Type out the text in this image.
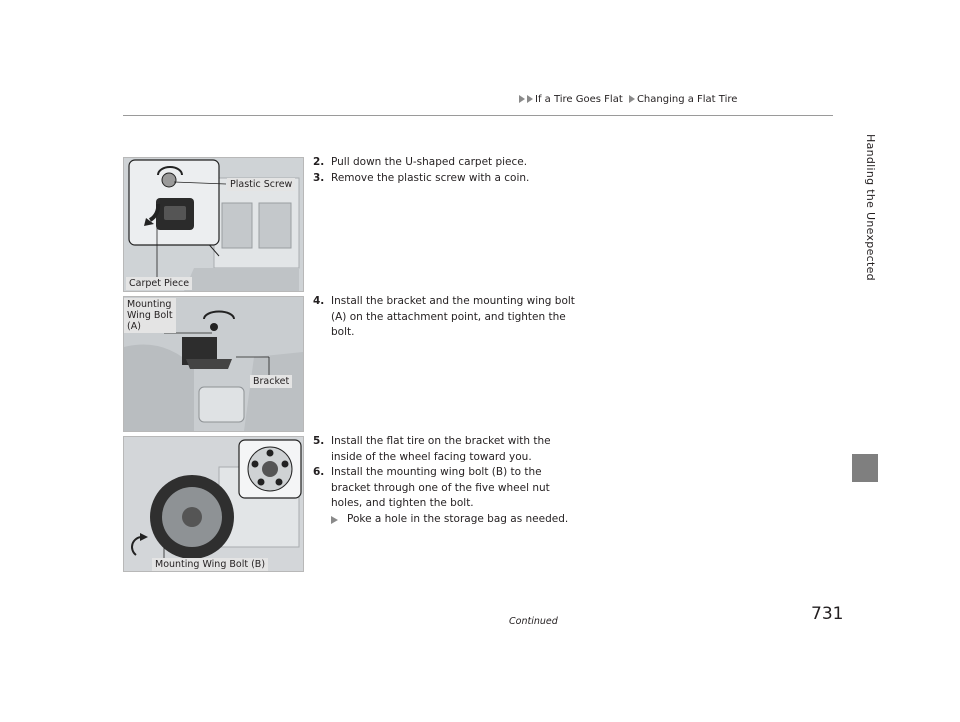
If a Tire Goes Flat Changing a Flat Tire
Handling the Unexpected
Plastic Screw
Carpet Piece
Mounting
Wing Bolt
(A)
Bracket
Mounting Wing Bolt (B)
2. Pull down the U-shaped carpet piece.
3. Remove the plastic screw with a coin.
4. Install the bracket and the mounting wing bolt (A) on the attachment point, and tighten the bolt.
5. Install the flat tire on the bracket with the inside of the wheel facing toward you.
6. Install the mounting wing bolt (B) to the bracket through one of the five wheel nut holes, and tighten the bolt.
Poke a hole in the storage bag as needed.
Continued	731
